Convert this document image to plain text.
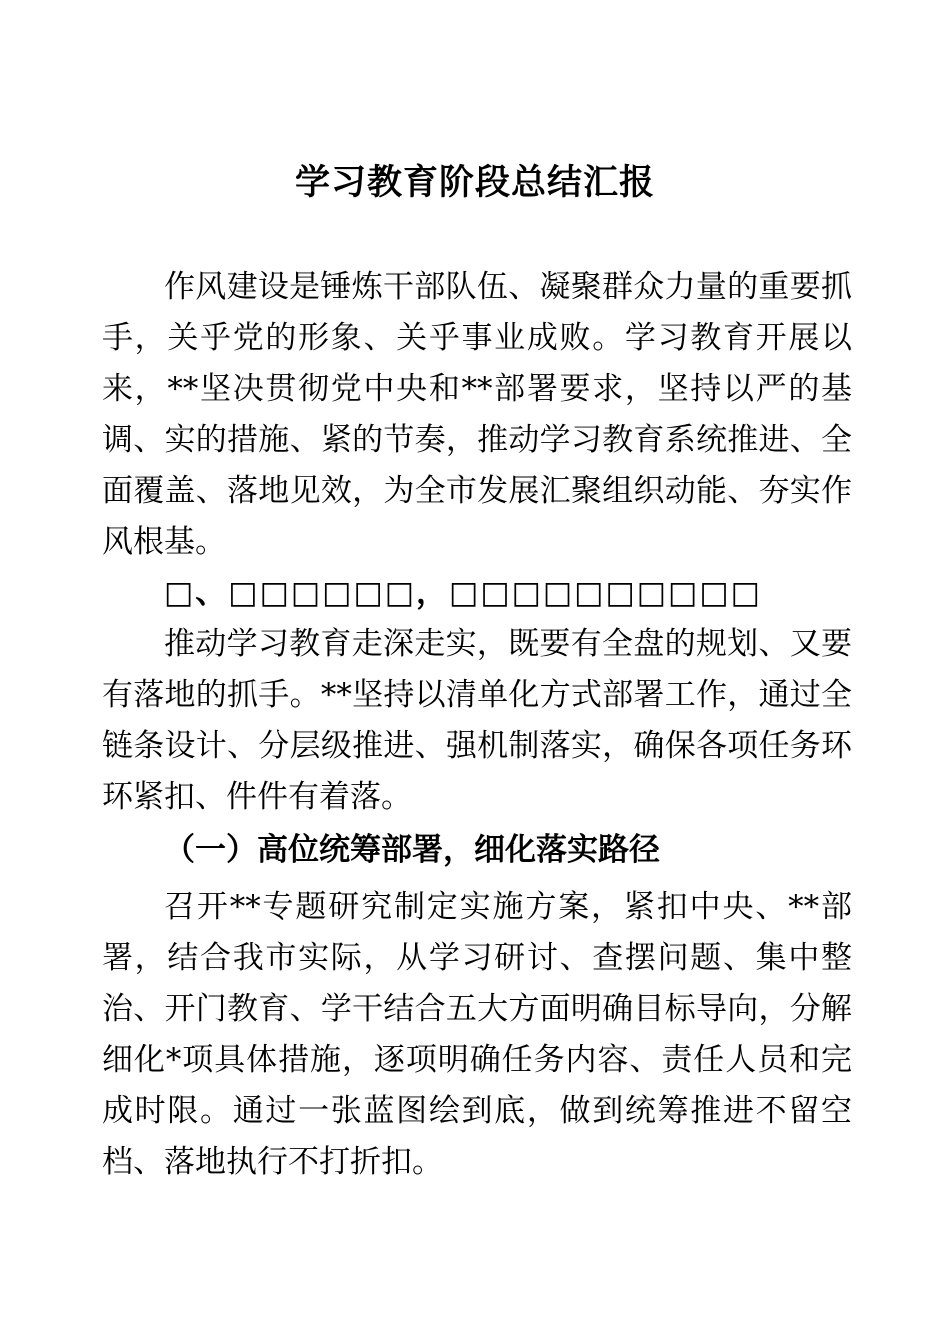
学习教育阶段总结汇报

作风建设是锤炼干部队伍、凝聚群众力量的重要抓手，关乎党的形象、关乎事业成败。学习教育开展以来，**坚决贯彻党中央和**部署要求，坚持以严的基调、实的措施、紧的节奏，推动学习教育系统推进、全面覆盖、落地见效，为全市发展汇聚组织动能、夯实作风根基。

□、□□□□□□，□□□□□□□□□□

推动学习教育走深走实，既要有全盘的规划、又要有落地的抓手。**坚持以清单化方式部署工作，通过全链条设计、分层级推进、强机制落实，确保各项任务环环紧扣、件件有着落。

（一）高位统筹部署，细化落实路径

召开**专题研究制定实施方案，紧扣中央、**部署，结合我市实际，从学习研讨、查摆问题、集中整治、开门教育、学干结合五大方面明确目标导向，分解细化*项具体措施，逐项明确任务内容、责任人员和完成时限。通过一张蓝图绘到底，做到统筹推进不留空档、落地执行不打折扣。
